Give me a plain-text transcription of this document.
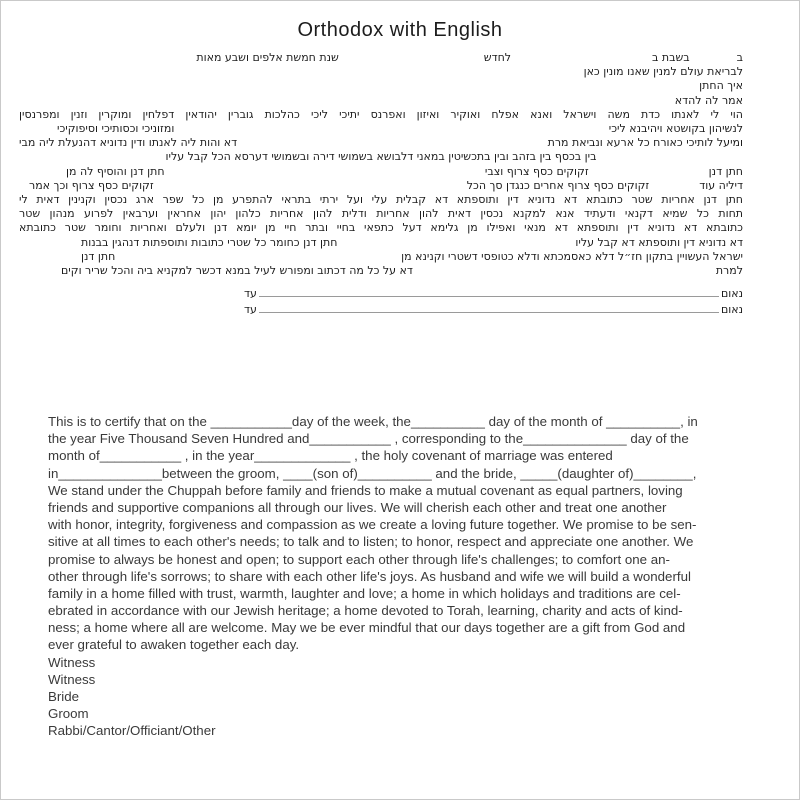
Orthodox with English
ב
בשבת ב
לחדש
שנת חמשת אלפים ושבע מאות
לבריאת עולם למנין שאנו מונין כאן
איך החתן
אמר לה להדא
הוי לי לאנתו כדת משה וישראל ואנא אפלח ואוקיר ואיזון ואפרנס יתיכי ליכי כהלכות גוברין יהודאין דפלחין ומוקרין וזנין ומפרנסין
לנשיהון בקושטא ויהיבנא ליכי
ומזוניכי וכסותיכי וסיפוקיכי
ומיעל לותיכי כאורח כל ארעא ונביאת מרת
דא והות ליה לאנתו ודין נדוניא דהנעלת ליה מבי
בין בכסף בין בזהב ובין בתכשיטין במאני דלבושא בשמושי דירה ובשמושי דערסא הכל קבל עליו
חתן דנן
זקוקים כסף צרוף וצבי
חתן דנן והוסיף לה מן
דיליה עוד
זקוקים כסף צרוף אחרים כנגדן סך הכל
זקוקים כסף צרוף וכך אמר
חתן דנן אחריות שטר כתובתא דא נדוניא דין ותוספתא דא קבלית עלי ועל ירתי בתראי להתפרע מן כל שפר ארג נכסין וקנינין דאית לי
תחות כל שמיא דקנאי ודעתיד אנא למקנא נכסין דאית להון אחריות ודלית להון אחריות כלהון יהון אחראין וערבאין לפרוע מנהון שטר
כתובתא דא נדוניא דין ותוספתא דא מנאי ואפילו מן גלימא דעל כתפאי בחיי ובתר חיי מן יומא דנן ולעלם ואחריות וחומר שטר כתובתא
דא נדוניא דין ותוספתא דא קבל עליו
חתן דנן כחומר כל שטרי כתובות ותוספתות דנהגין בבנות
ישראל העשויין בתקון חז״ל דלא כאסמכתא ודלא כטופסי דשטרי וקנינא מן
חתן דנן
למרת
דא על כל מה דכתוב ומפורש לעיל במנא דכשר למקניא ביה והכל שריר וקים
נאום
עד
נאום
עד
This is to certify that on the ___________day of the week, the__________ day of the month of __________, in
the year Five Thousand Seven Hundred and___________ , corresponding to the______________ day of the
month of___________ , in the year_____________ , the holy covenant of marriage was entered
in______________between the groom, ____(son of)__________ and the bride, _____(daughter of)________,
We stand under the Chuppah before family and friends to make a mutual covenant as equal partners, loving
friends and supportive companions all through our lives. We will cherish each other and treat one another
with honor, integrity, forgiveness and compassion as we create a loving future together. We promise to be sen-
sitive at all times to each other's needs; to talk and to listen; to honor, respect and appreciate one another. We
promise to always be honest and open; to support each other through life's challenges; to comfort one an-
other through life's sorrows; to share with each other life's joys. As husband and wife we will build a wonderful
family in a home filled with trust, warmth, laughter and love; a home in which holidays and traditions are cel-
ebrated in accordance with our Jewish heritage; a home devoted to Torah, learning, charity and acts of kind-
ness; a home where all are welcome. May we be ever mindful that our days together are a gift from God and
ever grateful to awaken together each day.
Witness
Witness
Bride
Groom
Rabbi/Cantor/Officiant/Other
